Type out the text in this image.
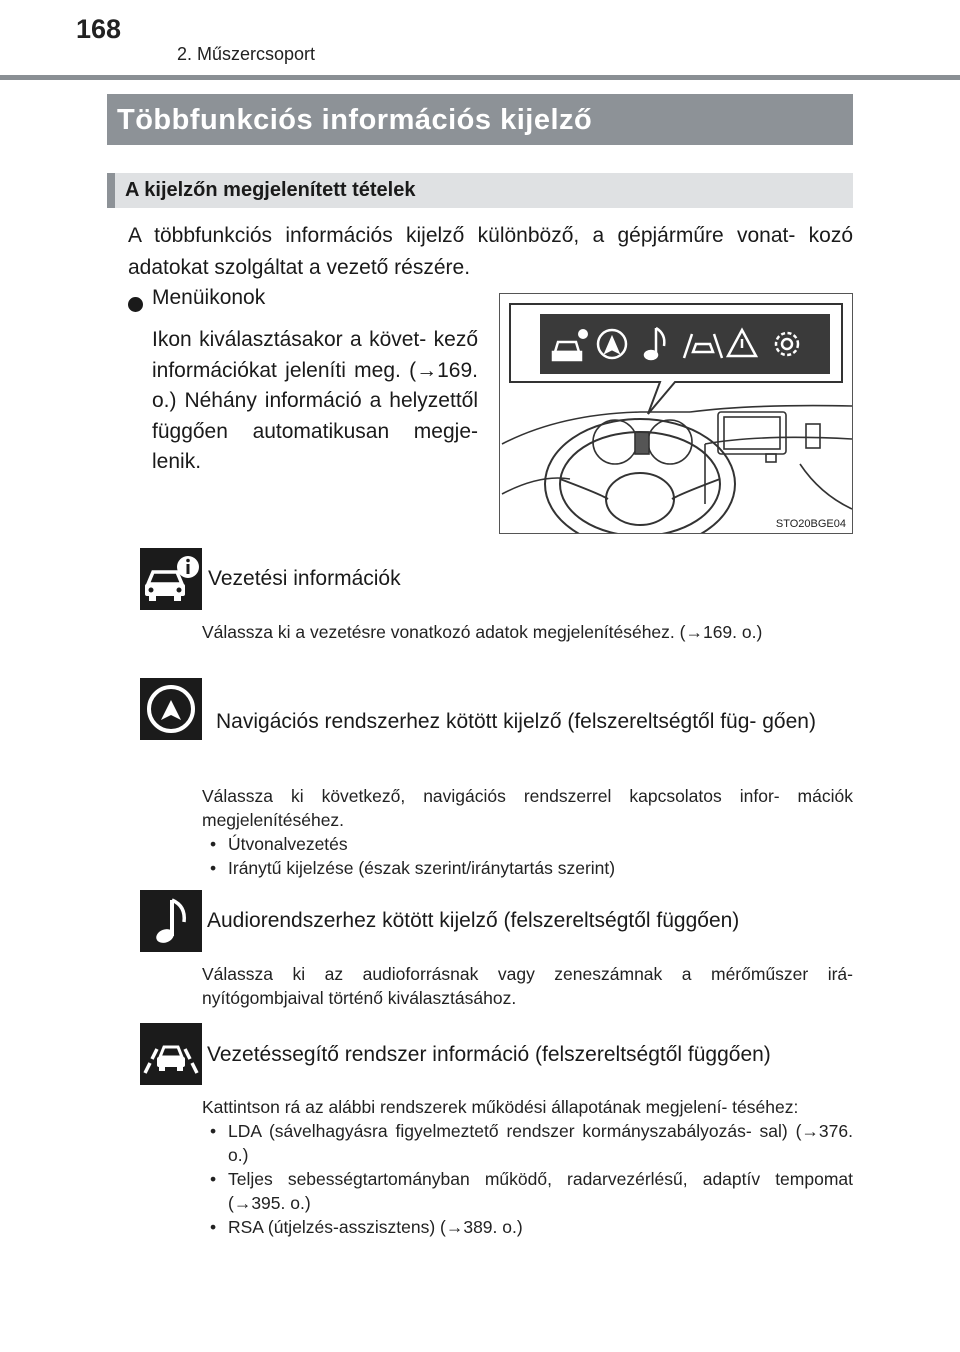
168
2. Műszercsoport
Többfunkciós információs kijelző
A kijelzőn megjelenített tételek
A többfunkciós információs kijelző különböző, a gépjárműre vonat- kozó adatokat szolgáltat a vezető részére.
Menüikonok
Ikon kiválasztásakor a követ- kező információkat jeleníti meg. (→169. o.) Néhány információ a helyzettől függően automatikusan megje- lenik.
STO20BGE04
Vezetési információk
Válassza ki a vezetésre vonatkozó adatok megjelenítéséhez. (→169. o.)
Navigációs rendszerhez kötött kijelző (felszereltségtől füg- gően)
Válassza ki következő, navigációs rendszerrel kapcsolatos infor- mációk megjelenítéséhez.
• Útvonalvezetés
• Iránytű kijelzése (észak szerint/iránytartás szerint)
Audiorendszerhez kötött kijelző (felszereltségtől függően)
Válassza ki az audioforrásnak vagy zeneszámnak a mérőműszer irá- nyítógombjaival történő kiválasztásához.
Vezetéssegítő rendszer információ (felszereltségtől függően)
Kattintson rá az alábbi rendszerek működési állapotának megjelení- téséhez:
• LDA (sávelhagyásra figyelmeztető rendszer kormányszabályozás- sal) (→376. o.)
• Teljes sebességtartományban működő, radarvezérlésű, adaptív tempomat (→395. o.)
• RSA (útjelzés-asszisztens) (→389. o.)
